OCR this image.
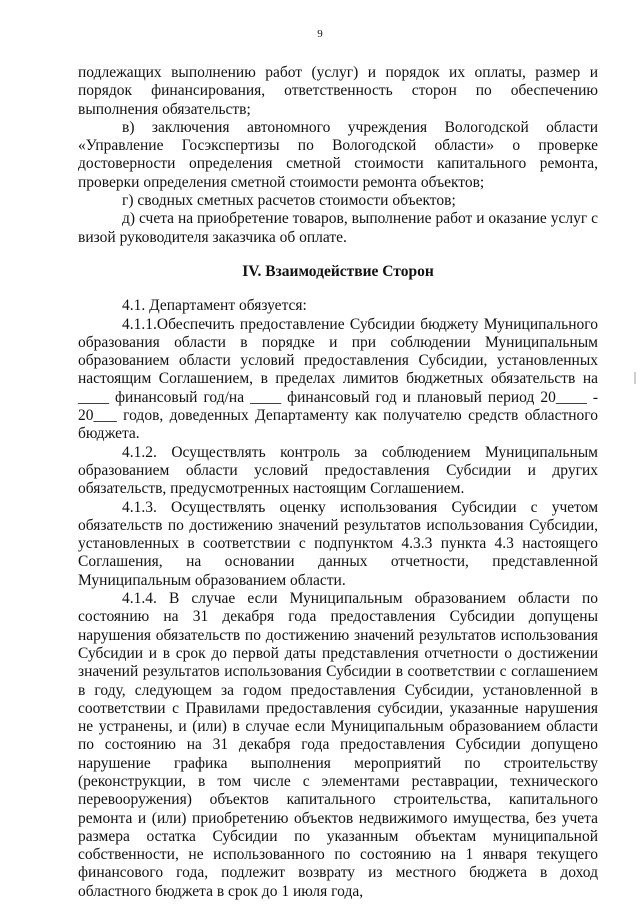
9

подлежащих выполнению работ (услуг) и порядок их оплаты, размер и порядок финансирования, ответственность сторон по обеспечению выполнения обязательств;

в) заключения автономного учреждения Вологодской области «Управление Госэкспертизы по Вологодской области» о проверке достоверности определения сметной стоимости капитального ремонта, проверки определения сметной стоимости ремонта объектов;

г) сводных сметных расчетов стоимости объектов;

д) счета на приобретение товаров, выполнение работ и оказание услуг с визой руководителя заказчика об оплате.

IV. Взаимодействие Сторон

4.1. Департамент обязуется:

4.1.1.Обеспечить предоставление Субсидии бюджету Муниципального образования области в порядке и при соблюдении Муниципальным образованием области условий предоставления Субсидии, установленных настоящим Соглашением, в пределах лимитов бюджетных обязательств на ____ финансовый год/на ____ финансовый год и плановый период 20____ - 20___ годов, доведенных Департаменту как получателю средств областного бюджета.

4.1.2. Осуществлять контроль за соблюдением Муниципальным образованием области условий предоставления Субсидии и других обязательств, предусмотренных настоящим Соглашением.

4.1.3. Осуществлять оценку использования Субсидии с учетом обязательств по достижению значений результатов использования Субсидии, установленных в соответствии с подпунктом 4.3.3 пункта 4.3 настоящего Соглашения, на основании данных отчетности, представленной Муниципальным образованием области.

4.1.4. В случае если Муниципальным образованием области по состоянию на 31 декабря года предоставления Субсидии допущены нарушения обязательств по достижению значений результатов использования Субсидии и в срок до первой даты представления отчетности о достижении значений результатов использования Субсидии в соответствии с соглашением в году, следующем за годом предоставления Субсидии, установленной в соответствии с Правилами предоставления субсидии, указанные нарушения не устранены, и (или) в случае если Муниципальным образованием области по состоянию на 31 декабря года предоставления Субсидии допущено нарушение графика выполнения мероприятий по строительству (реконструкции, в том числе с элементами реставрации, технического перевооружения) объектов капитального строительства, капитального ремонта и (или) приобретению объектов недвижимого имущества, без учета размера остатка Субсидии по указанным объектам муниципальной собственности, не использованного по состоянию на 1 января текущего финансового года, подлежит возврату из местного бюджета в доход областного бюджета в срок до 1 июля года,
